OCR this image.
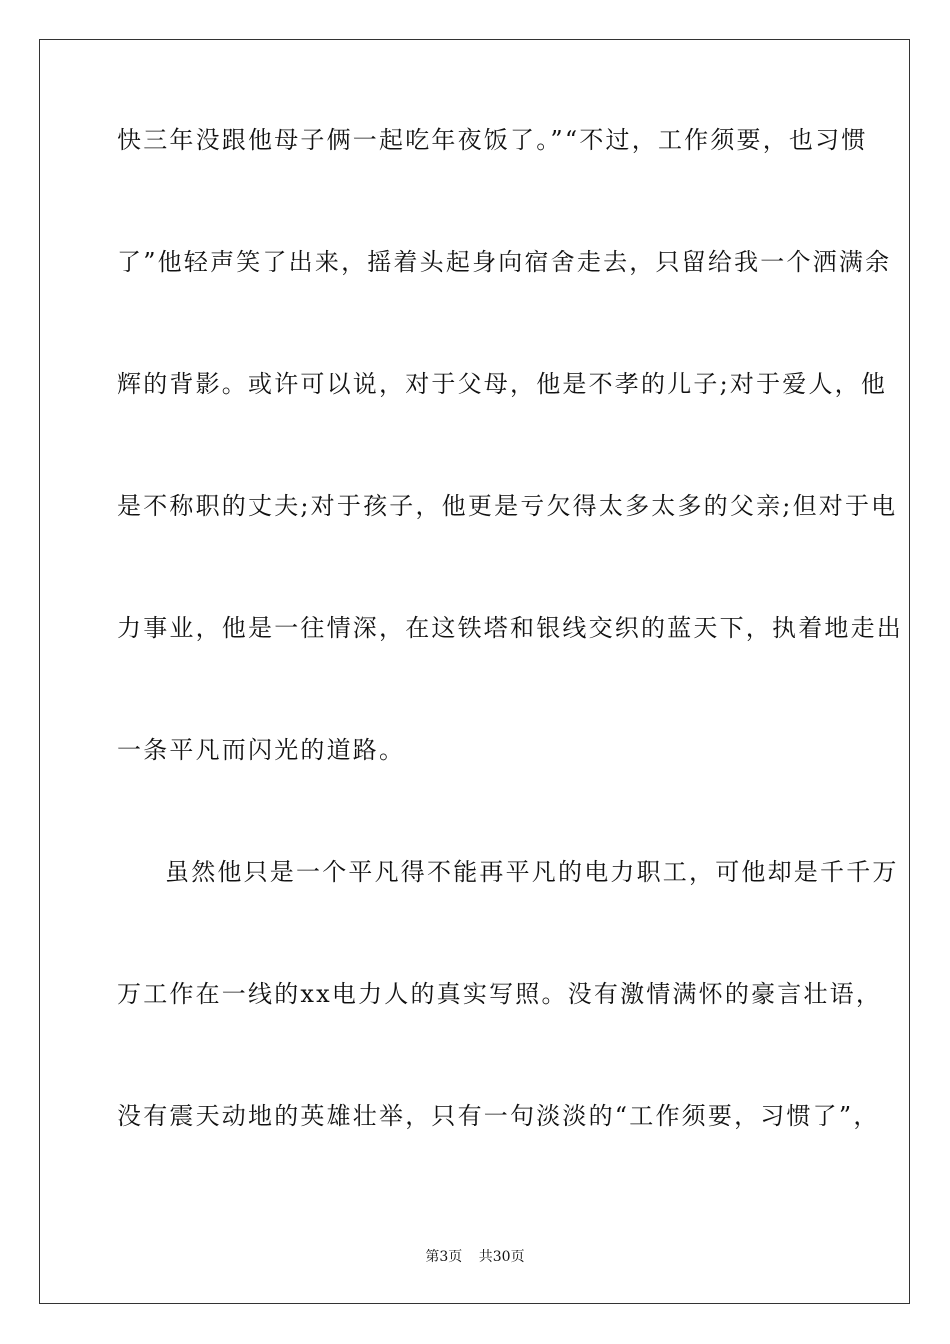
快三年没跟他母子俩一起吃年夜饭了。”“不过，工作须要，也习惯
了”他轻声笑了出来，摇着头起身向宿舍走去，只留给我一个洒满余
辉的背影。或许可以说，对于父母，他是不孝的儿子;对于爱人，他
是不称职的丈夫;对于孩子，他更是亏欠得太多太多的父亲;但对于电
力事业，他是一往情深，在这铁塔和银线交织的蓝天下，执着地走出
一条平凡而闪光的道路。
虽然他只是一个平凡得不能再平凡的电力职工，可他却是千千万
万工作在一线的xx电力人的真实写照。没有激情满怀的豪言壮语，
没有震天动地的英雄壮举，只有一句淡淡的“工作须要，习惯了”，
第3页 共30页
